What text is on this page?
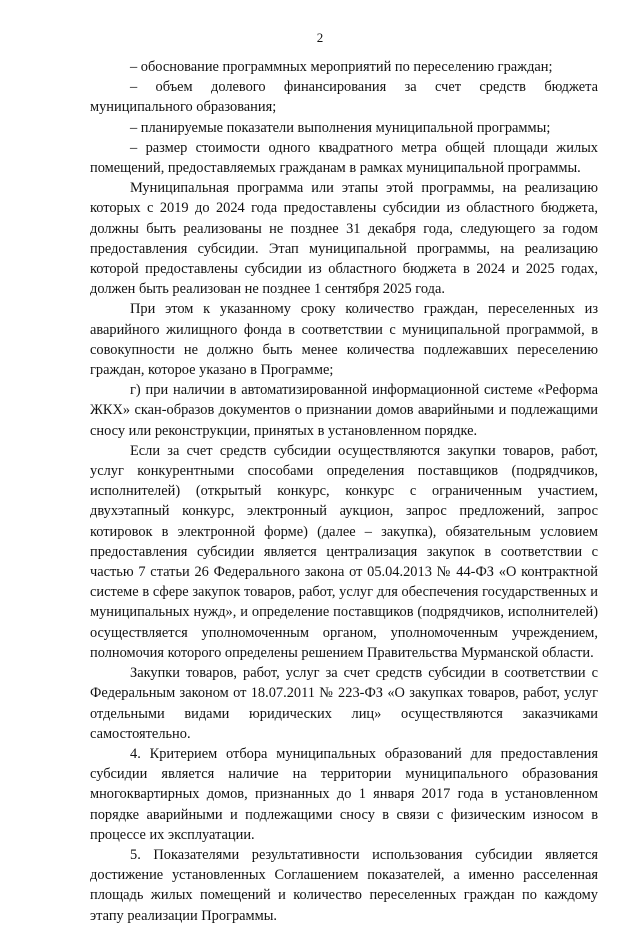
2

– обоснование программных мероприятий по переселению граждан;

– объем долевого финансирования за счет средств бюджета муниципального образования;

– планируемые показатели выполнения муниципальной программы;

– размер стоимости одного квадратного метра общей площади жилых помещений, предоставляемых гражданам в рамках муниципальной программы.

Муниципальная программа или этапы этой программы, на реализацию которых с 2019 до 2024 года предоставлены субсидии из областного бюджета, должны быть реализованы не позднее 31 декабря года, следующего за годом предоставления субсидии. Этап муниципальной программы, на реализацию которой предоставлены субсидии из областного бюджета в 2024 и 2025 годах, должен быть реализован не позднее 1 сентября 2025 года.

При этом к указанному сроку количество граждан, переселенных из аварийного жилищного фонда в соответствии с муниципальной программой, в совокупности не должно быть менее количества подлежавших переселению граждан, которое указано в Программе;

г) при наличии в автоматизированной информационной системе «Реформа ЖКХ» скан-образов документов о признании домов аварийными и подлежащими сносу или реконструкции, принятых в установленном порядке.

Если за счет средств субсидии осуществляются закупки товаров, работ, услуг конкурентными способами определения поставщиков (подрядчиков, исполнителей) (открытый конкурс, конкурс с ограниченным участием, двухэтапный конкурс, электронный аукцион, запрос предложений, запрос котировок в электронной форме) (далее – закупка), обязательным условием предоставления субсидии является централизация закупок в соответствии с частью 7 статьи 26 Федерального закона от 05.04.2013 № 44-ФЗ «О контрактной системе в сфере закупок товаров, работ, услуг для обеспечения государственных и муниципальных нужд», и определение поставщиков (подрядчиков, исполнителей) осуществляется уполномоченным органом, уполномоченным учреждением, полномочия которого определены решением Правительства Мурманской области.

Закупки товаров, работ, услуг за счет средств субсидии в соответствии с Федеральным законом от 18.07.2011 № 223-ФЗ «О закупках товаров, работ, услуг отдельными видами юридических лиц» осуществляются заказчиками самостоятельно.

4. Критерием отбора муниципальных образований для предоставления субсидии является наличие на территории муниципального образования многоквартирных домов, признанных до 1 января 2017 года в установленном порядке аварийными и подлежащими сносу в связи с физическим износом в процессе их эксплуатации.

5. Показателями результативности использования субсидии является достижение установленных Соглашением показателей, а именно расселенная площадь жилых помещений и количество переселенных граждан по каждому этапу реализации Программы.
